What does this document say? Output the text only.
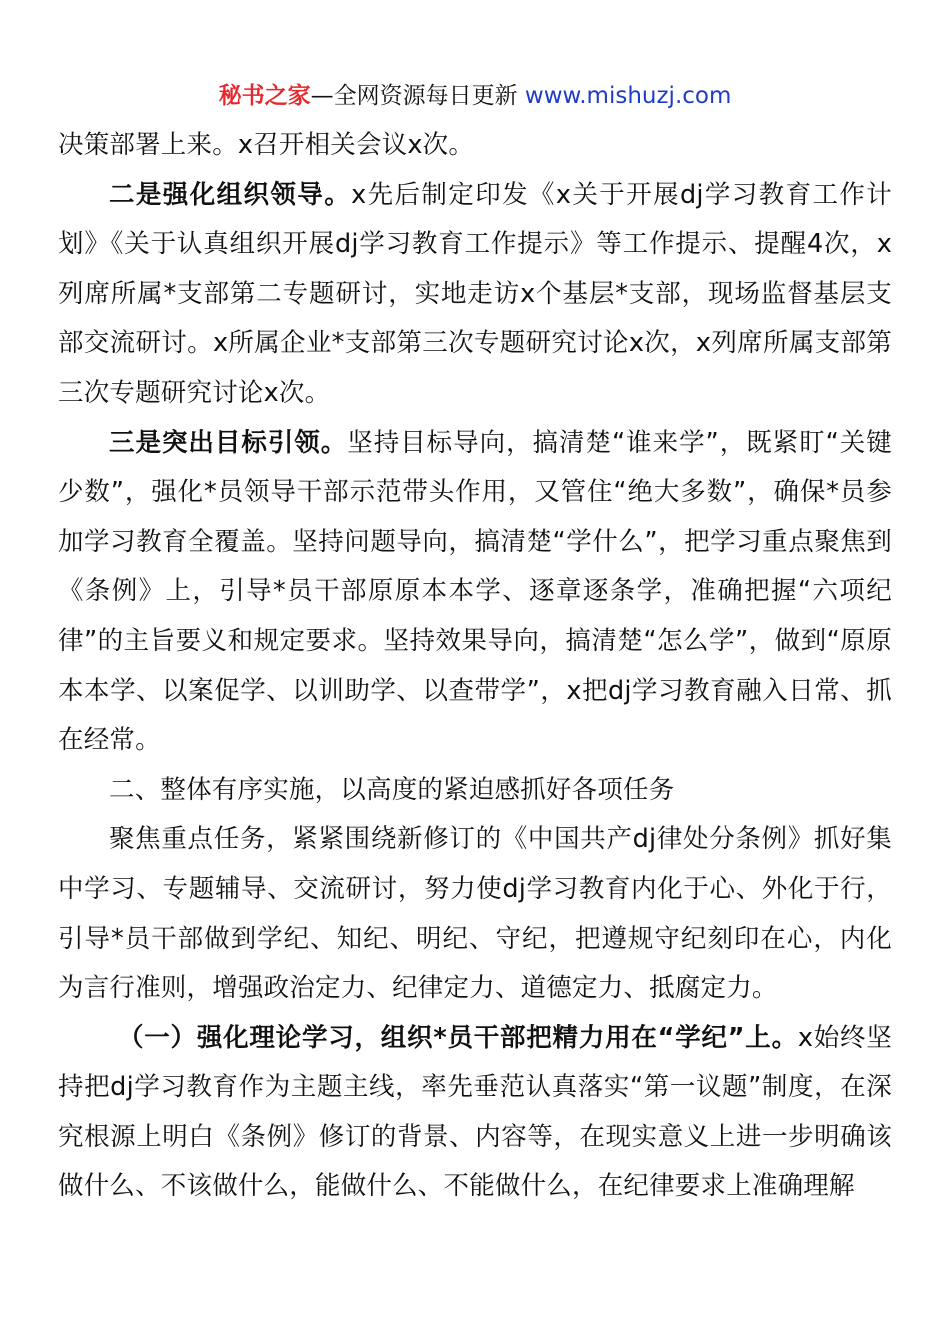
秘书之家—全网资源每日更新 www.mishuzj.com

决策部署上来。x召开相关会议x次。

二是强化组织领导。x先后制定印发《x关于开展dj学习教育工作计划》《关于认真组织开展dj学习教育工作提示》等工作提示、提醒4次，x列席所属*支部第二专题研讨，实地走访x个基层*支部，现场监督基层支部交流研讨。x所属企业*支部第三次专题研究讨论x次，x列席所属支部第三次专题研究讨论x次。

三是突出目标引领。坚持目标导向，搞清楚“谁来学”，既紧盯“关键少数”，强化*员领导干部示范带头作用，又管住“绝大多数”，确保*员参加学习教育全覆盖。坚持问题导向，搞清楚“学什么”，把学习重点聚焦到《条例》上，引导*员干部原原本本学、逐章逐条学，准确把握“六项纪律”的主旨要义和规定要求。坚持效果导向，搞清楚“怎么学”，做到“原原本本学、以案促学、以训助学、以查带学”，x把dj学习教育融入日常、抓在经常。

二、整体有序实施，以高度的紧迫感抓好各项任务

聚焦重点任务，紧紧围绕新修订的《中国共产dj律处分条例》抓好集中学习、专题辅导、交流研讨，努力使dj学习教育内化于心、外化于行，引导*员干部做到学纪、知纪、明纪、守纪，把遵规守纪刻印在心，内化为言行准则，增强政治定力、纪律定力、道德定力、抵腐定力。

（一）强化理论学习，组织*员干部把精力用在“学纪”上。x始终坚持把dj学习教育作为主题主线，率先垂范认真落实“第一议题”制度，在深究根源上明白《条例》修订的背景、内容等，在现实意义上进一步明确该做什么、不该做什么，能做什么、不能做什么，在纪律要求上准确理解
